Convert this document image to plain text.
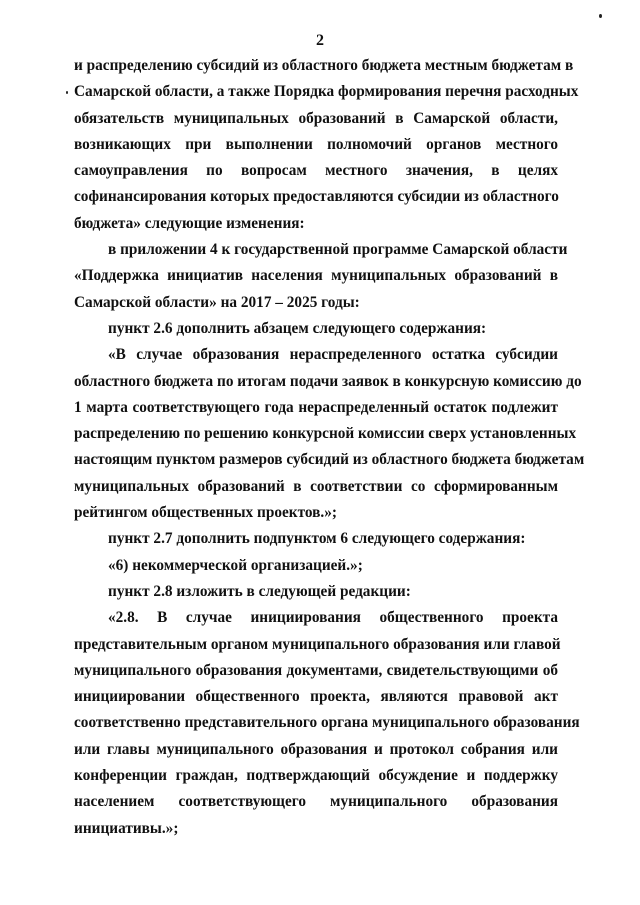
2

и распределению субсидий из областного бюджета местным бюджетам в
Самарской области, а также Порядка формирования перечня расходных
обязательств муниципальных образований в Самарской области,
возникающих при выполнении полномочий органов местного
самоуправления по вопросам местного значения, в целях
софинансирования которых предоставляются субсидии из областного
бюджета» следующие изменения:

в приложении 4 к государственной программе Самарской области
«Поддержка инициатив населения муниципальных образований в
Самарской области» на 2017 – 2025 годы:

пункт 2.6 дополнить абзацем следующего содержания:

«В случае образования нераспределенного остатка субсидии
областного бюджета по итогам подачи заявок в конкурсную комиссию до
1 марта соответствующего года нераспределенный остаток подлежит
распределению по решению конкурсной комиссии сверх установленных
настоящим пунктом размеров субсидий из областного бюджета бюджетам
муниципальных образований в соответствии со сформированным
рейтингом общественных проектов.»;

пункт 2.7 дополнить подпунктом 6 следующего содержания:

«6) некоммерческой организацией.»;

пункт 2.8 изложить в следующей редакции:

«2.8. В случае инициирования общественного проекта
представительным органом муниципального образования или главой
муниципального образования документами, свидетельствующими об
инициировании общественного проекта, являются правовой акт
соответственно представительного органа муниципального образования
или главы муниципального образования и протокол собрания или
конференции граждан, подтверждающий обсуждение и поддержку
населением соответствующего муниципального образования
инициативы.»;
